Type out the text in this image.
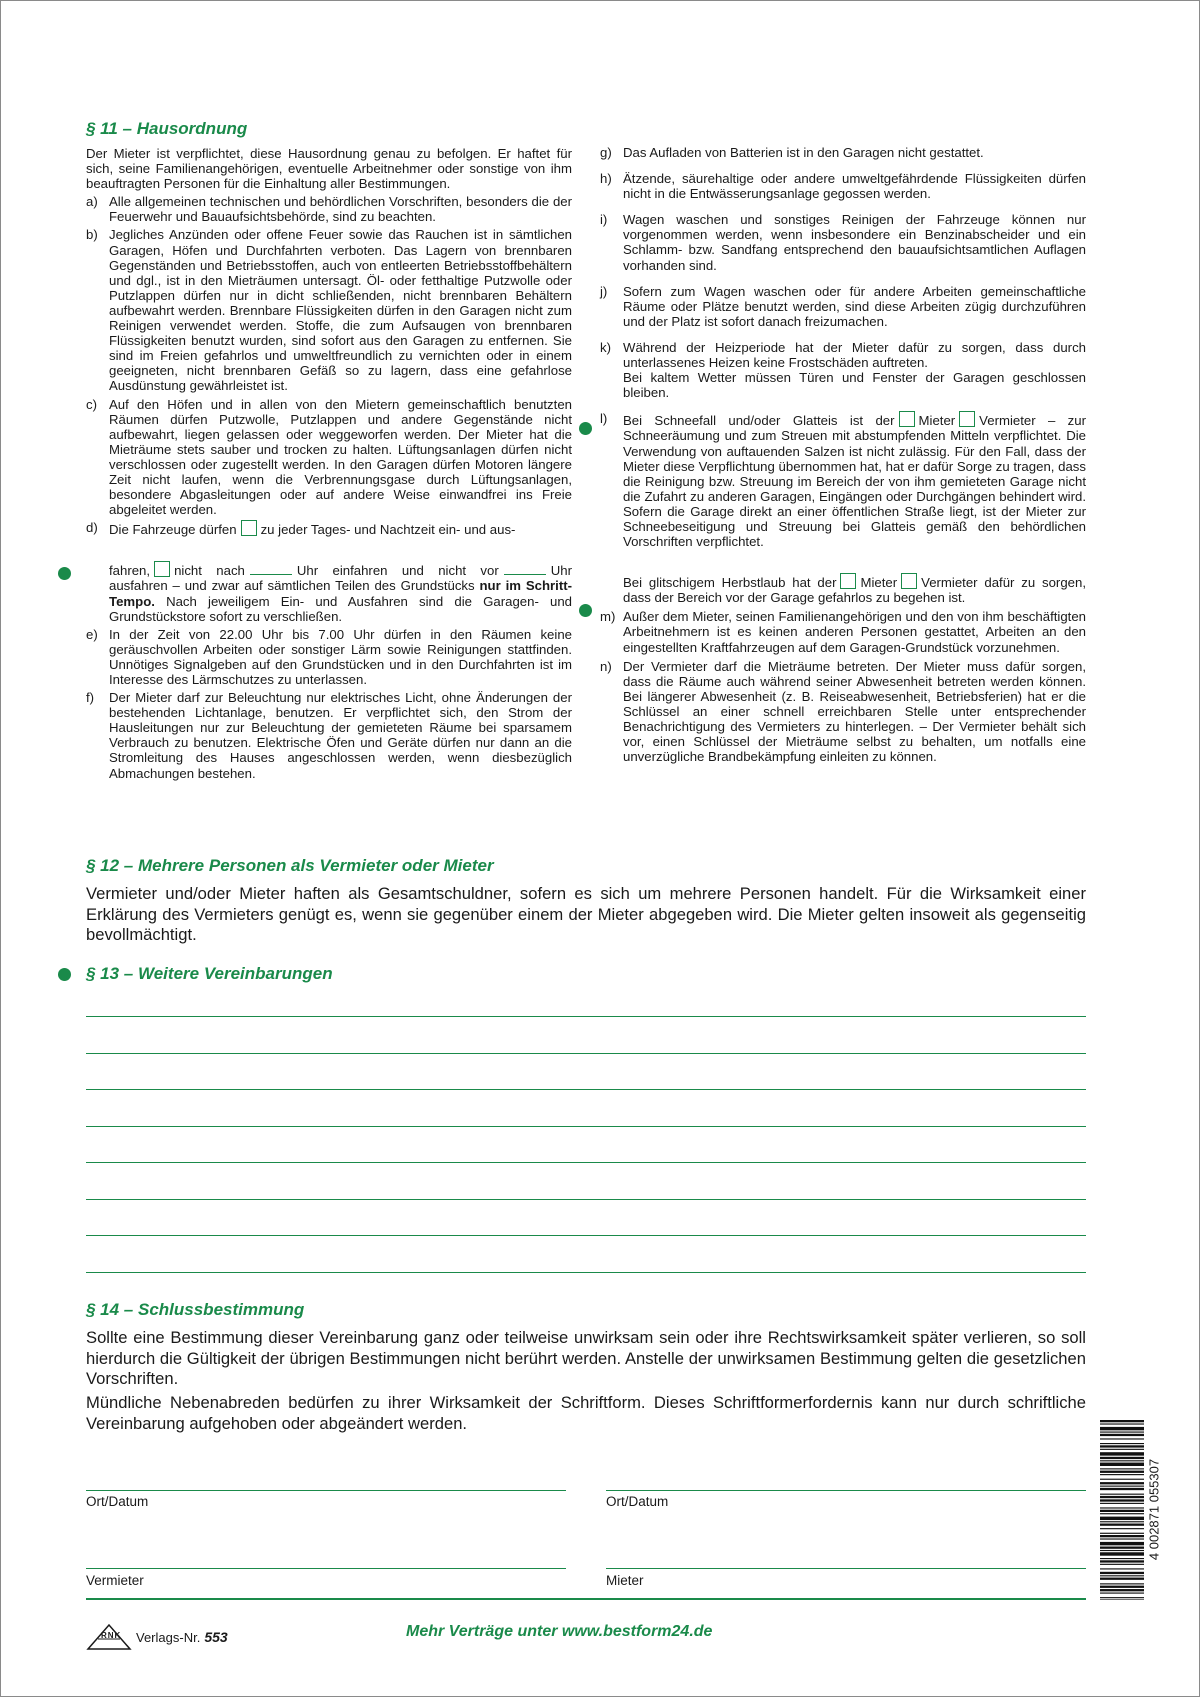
§ 11 – Hausordnung

Der Mieter ist verpflichtet, diese Hausordnung genau zu befolgen. Er haftet für sich, seine Familienangehörigen, eventuelle Arbeitnehmer oder sonstige von ihm beauftragten Personen für die Einhaltung aller Bestimmungen.

a) Alle allgemeinen technischen und behördlichen Vorschriften, besonders die der Feuerwehr und Bauaufsichtsbehörde, sind zu beachten.
b) Jegliches Anzünden oder offene Feuer sowie das Rauchen ist in sämtlichen Garagen, Höfen und Durchfahrten verboten. Das Lagern von brennbaren Gegenständen und Betriebsstoffen, auch von entleerten Betriebsstoffbehältern und dgl., ist in den Mieträumen untersagt. Öl- oder fetthaltige Putzwolle oder Putzlappen dürfen nur in dicht schließenden, nicht brennbaren Behältern aufbewahrt werden. Brennbare Flüssigkeiten dürfen in den Garagen nicht zum Reinigen verwendet werden. Stoffe, die zum Aufsaugen von brennbaren Flüssigkeiten benutzt wurden, sind sofort aus den Garagen zu entfernen. Sie sind im Freien gefahrlos und umweltfreundlich zu vernichten oder in einem geeigneten, nicht brennbaren Gefäß so zu lagern, dass eine gefahrlose Ausdünstung gewährleistet ist.
c) Auf den Höfen und in allen von den Mietern gemeinschaftlich benutzten Räumen dürfen Putzwolle, Putzlappen und andere Gegenstände nicht aufbewahrt, liegen gelassen oder weggeworfen werden. Der Mieter hat die Mieträume stets sauber und trocken zu halten. Lüftungsanlagen dürfen nicht verschlossen oder zugestellt werden. In den Garagen dürfen Motoren längere Zeit nicht laufen, wenn die Verbrennungsgase durch Lüftungsanlagen, besondere Abgasleitungen oder auf andere Weise einwandfrei ins Freie abgeleitet werden.
d) Die Fahrzeuge dürfen zu jeder Tages- und Nachtzeit ein- und aus-
fahren, nicht nach	Uhr einfahren und nicht vor	Uhr ausfahren – und zwar auf sämtlichen Teilen des Grundstücks nur im Schritt-Tempo. Nach jeweiligem Ein- und Ausfahren sind die Garagen- und Grundstückstore sofort zu verschließen.
e) In der Zeit von 22.00 Uhr bis 7.00 Uhr dürfen in den Räumen keine geräuschvollen Arbeiten oder sonstiger Lärm sowie Reinigungen stattfinden. Unnötiges Signalgeben auf den Grundstücken und in den Durchfahrten ist im Interesse des Lärmschutzes zu unterlassen.
f) Der Mieter darf zur Beleuchtung nur elektrisches Licht, ohne Änderungen der bestehenden Lichtanlage, benutzen. Er verpflichtet sich, den Strom der Hausleitungen nur zur Beleuchtung der gemieteten Räume bei sparsamem Verbrauch zu benutzen. Elektrische Öfen und Geräte dürfen nur dann an die Stromleitung des Hauses angeschlossen werden, wenn diesbezüglich Abmachungen bestehen.
g) Das Aufladen von Batterien ist in den Garagen nicht gestattet.
h) Ätzende, säurehaltige oder andere umweltgefährdende Flüssigkeiten dürfen nicht in die Entwässerungsanlage gegossen werden.
i) Wagen waschen und sonstiges Reinigen der Fahrzeuge können nur vorgenommen werden, wenn insbesondere ein Benzinabscheider und ein Schlamm- bzw. Sandfang entsprechend den bauaufsichtsamtlichen Auflagen vorhanden sind.
j) Sofern zum Wagen waschen oder für andere Arbeiten gemeinschaftliche Räume oder Plätze benutzt werden, sind diese Arbeiten zügig durchzuführen und der Platz ist sofort danach freizumachen.
k) Während der Heizperiode hat der Mieter dafür zu sorgen, dass durch unterlassenes Heizen keine Frostschäden auftreten.

Bei kaltem Wetter müssen Türen und Fenster der Garagen geschlossen bleiben.

l) Bei Schneefall und/oder Glatteis ist der Mieter Vermieter – zur Schneeräumung und zum Streuen mit abstumpfenden Mitteln verpflichtet. Die Verwendung von auftauenden Salzen ist nicht zulässig. Für den Fall, dass der Mieter diese Verpflichtung übernommen hat, hat er dafür Sorge zu tragen, dass die Reinigung bzw. Streuung im Bereich der von ihm gemieteten Garage nicht die Zufahrt zu anderen Garagen, Eingängen oder Durchgängen behindert wird. Sofern die Garage direkt an einer öffentlichen Straße liegt, ist der Mieter zur Schneebeseitigung und Streuung bei Glatteis gemäß den behördlichen Vorschriften verpflichtet.
Bei glitschigem Herbstlaub hat der Mieter Vermieter dafür zu sorgen, dass der Bereich vor der Garage gefahrlos zu begehen ist.
m) Außer dem Mieter, seinen Familienangehörigen und den von ihm beschäftigten Arbeitnehmern ist es keinen anderen Personen gestattet, Arbeiten an den eingestellten Kraftfahrzeugen auf dem Garagen-Grundstück vorzunehmen.
n) Der Vermieter darf die Mieträume betreten. Der Mieter muss dafür sorgen, dass die Räume auch während seiner Abwesenheit betreten werden können. Bei längerer Abwesenheit (z. B. Reiseabwesenheit, Betriebsferien) hat er die Schlüssel an einer schnell erreichbaren Stelle unter entsprechender Benachrichtigung des Vermieters zu hinterlegen. – Der Vermieter behält sich vor, einen Schlüssel der Mieträume selbst zu behalten, um notfalls eine unverzügliche Brandbekämpfung einleiten zu können.
§ 12 – Mehrere Personen als Vermieter oder Mieter

Vermieter und/oder Mieter haften als Gesamtschuldner, sofern es sich um mehrere Personen handelt. Für die Wirksamkeit einer Erklärung des Vermieters genügt es, wenn sie gegenüber einem der Mieter abgegeben wird. Die Mieter gelten insoweit als gegenseitig bevollmächtigt.

§ 13 – Weitere Vereinbarungen
§ 14 – Schlussbestimmung

Sollte eine Bestimmung dieser Vereinbarung ganz oder teilweise unwirksam sein oder ihre Rechtswirksamkeit später verlieren, so soll hierdurch die Gültigkeit der übrigen Bestimmungen nicht berührt werden. Anstelle der unwirksamen Bestimmung gelten die gesetzlichen Vorschriften.

Mündliche Nebenabreden bedürfen zu ihrer Wirksamkeit der Schriftform. Dieses Schriftformerfordernis kann nur durch schriftliche Vereinbarung aufgehoben oder abgeändert werden.

Ort/Datum	Ort/Datum
Vermieter	Mieter
RNK Verlags-Nr. 553	Mehr Verträge unter www.bestform24.de
4 002871 055307
